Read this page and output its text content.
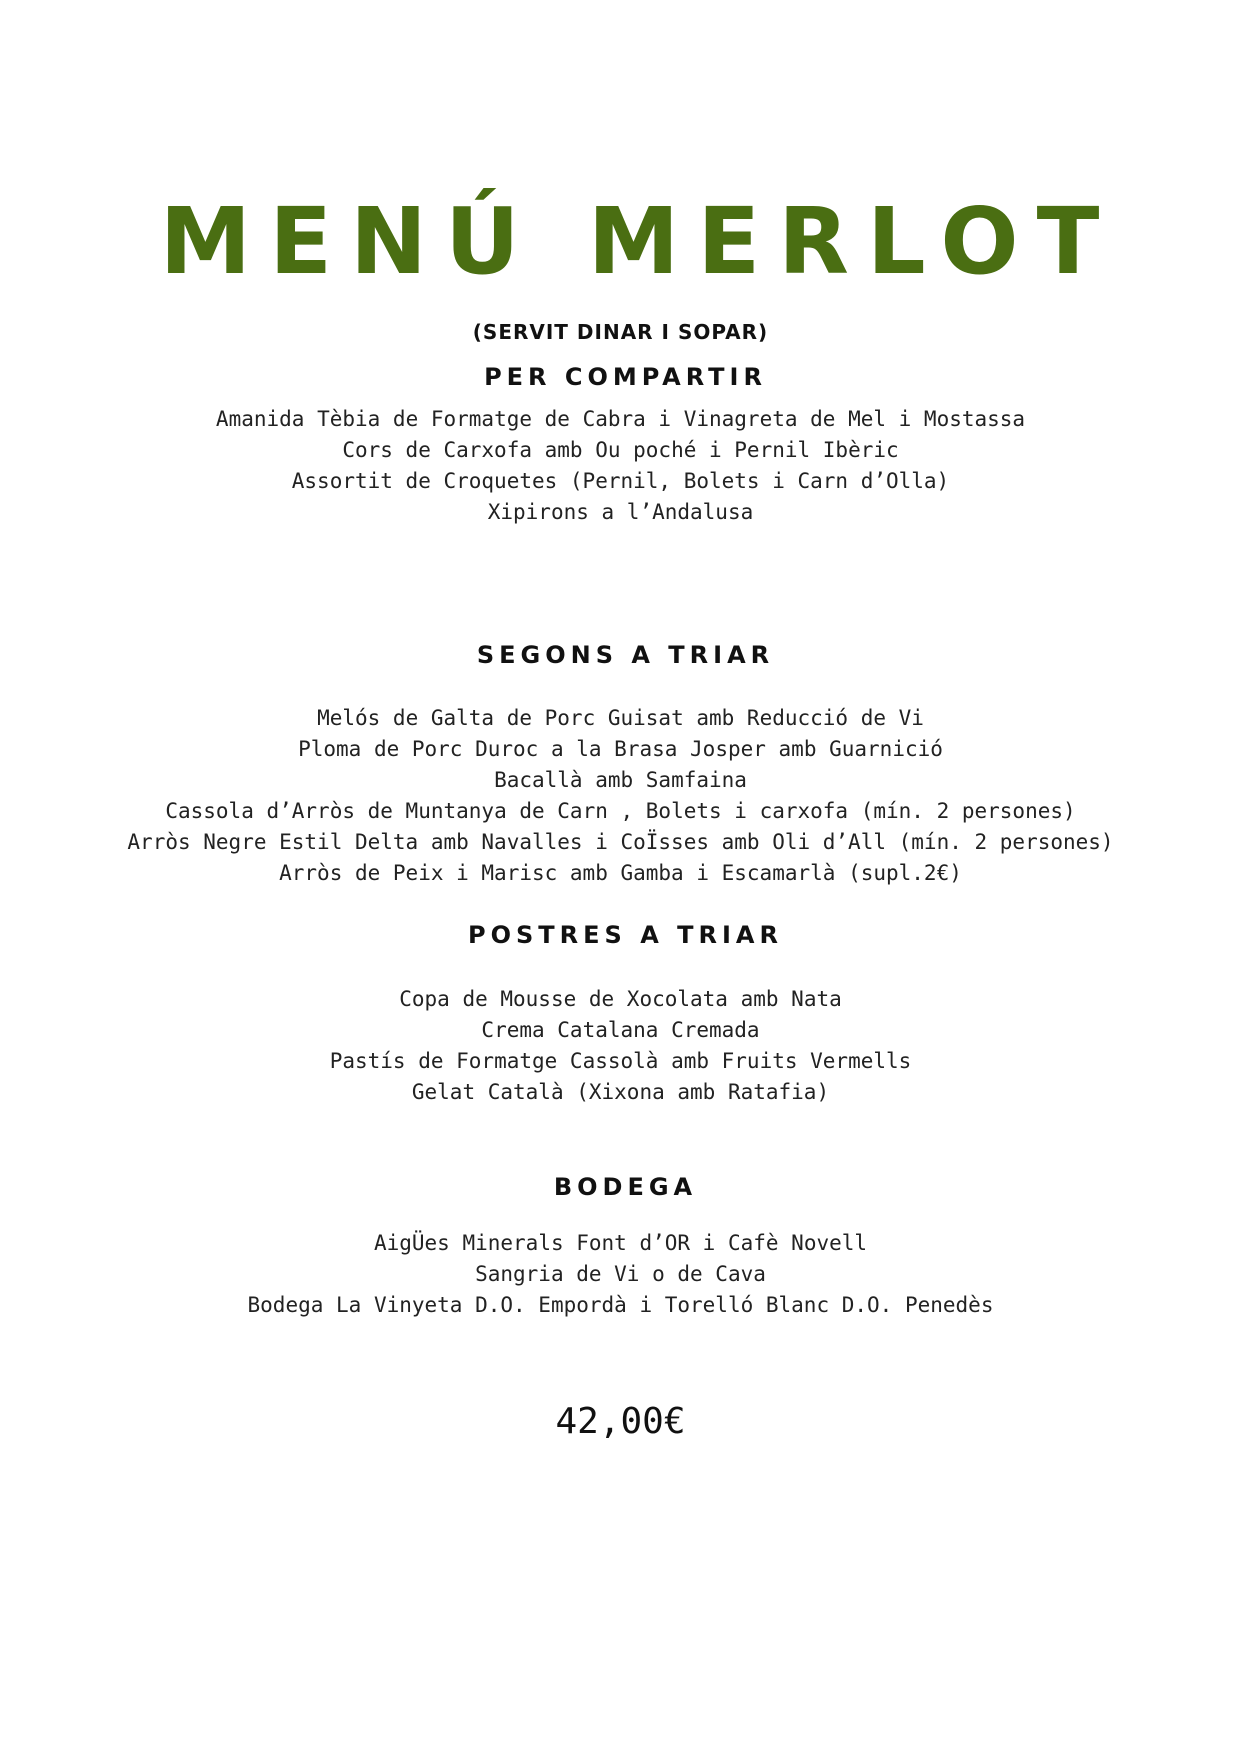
MENÚ MERLOT
(SERVIT DINAR I SOPAR)
PER COMPARTIR
Amanida Tèbia de Formatge de Cabra i Vinagreta de Mel i Mostassa
Cors de Carxofa amb Ou poché i Pernil Ibèric
Assortit de Croquetes (Pernil, Bolets i Carn d’Olla)
Xipirons a l’Andalusa
SEGONS A TRIAR
Melós de Galta de Porc Guisat amb Reducció de Vi
Ploma de Porc Duroc a la Brasa Josper amb Guarnició
Bacallà amb Samfaina
Cassola d’Arròs de Muntanya de Carn , Bolets i carxofa (mín. 2 persones)
Arròs Negre Estil Delta amb Navalles i CoÏsses amb Oli d’All (mín. 2 persones)
Arròs de Peix i Marisc amb Gamba i Escamarlà (supl.2€)
POSTRES A TRIAR
Copa de Mousse de Xocolata amb Nata
Crema Catalana Cremada
Pastís de Formatge Cassolà amb Fruits Vermells
Gelat Català (Xixona amb Ratafia)
BODEGA
AigÜes Minerals Font d’OR i Cafè Novell
Sangria de Vi o de Cava
Bodega La Vinyeta D.O. Empordà i Torelló Blanc D.O. Penedès
42,00€
